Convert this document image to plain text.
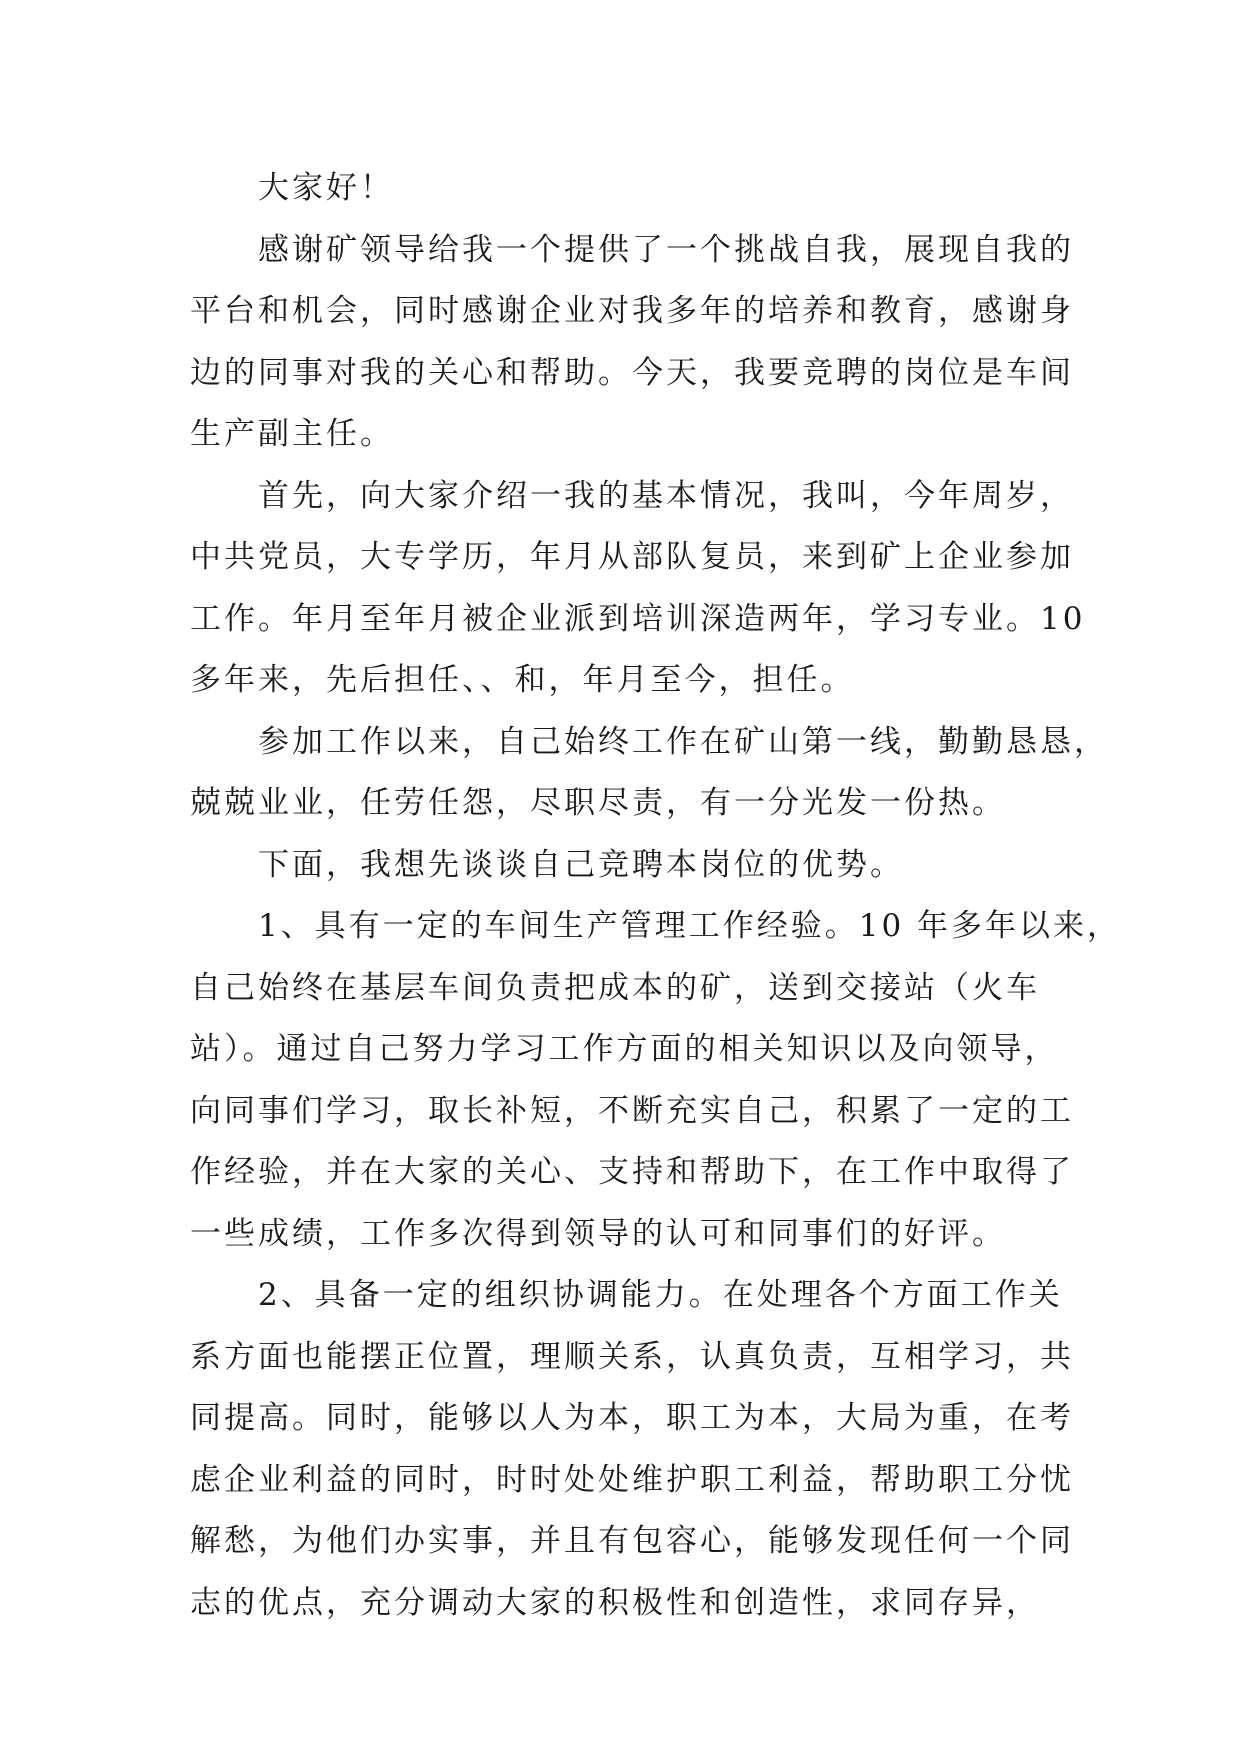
大家好！
感谢矿领导给我一个提供了一个挑战自我，展现自我的
平台和机会，同时感谢企业对我多年的培养和教育，感谢身
边的同事对我的关心和帮助。今天，我要竞聘的岗位是车间
生产副主任。
首先，向大家介绍一我的基本情况，我叫，今年周岁，
中共党员，大专学历，年月从部队复员，来到矿上企业参加
工作。年月至年月被企业派到培训深造两年，学习专业。10
多年来，先后担任、、和，年月至今，担任。
参加工作以来，自己始终工作在矿山第一线，勤勤恳恳，
兢兢业业，任劳任怨，尽职尽责，有一分光发一份热。
下面，我想先谈谈自己竞聘本岗位的优势。
1、具有一定的车间生产管理工作经验。10 年多年以来，
自己始终在基层车间负责把成本的矿，送到交接站（火车
站）。通过自己努力学习工作方面的相关知识以及向领导，
向同事们学习，取长补短，不断充实自己，积累了一定的工
作经验，并在大家的关心、支持和帮助下，在工作中取得了
一些成绩，工作多次得到领导的认可和同事们的好评。
2、具备一定的组织协调能力。在处理各个方面工作关
系方面也能摆正位置，理顺关系，认真负责，互相学习，共
同提高。同时，能够以人为本，职工为本，大局为重，在考
虑企业利益的同时，时时处处维护职工利益，帮助职工分忧
解愁，为他们办实事，并且有包容心，能够发现任何一个同
志的优点，充分调动大家的积极性和创造性，求同存异，
